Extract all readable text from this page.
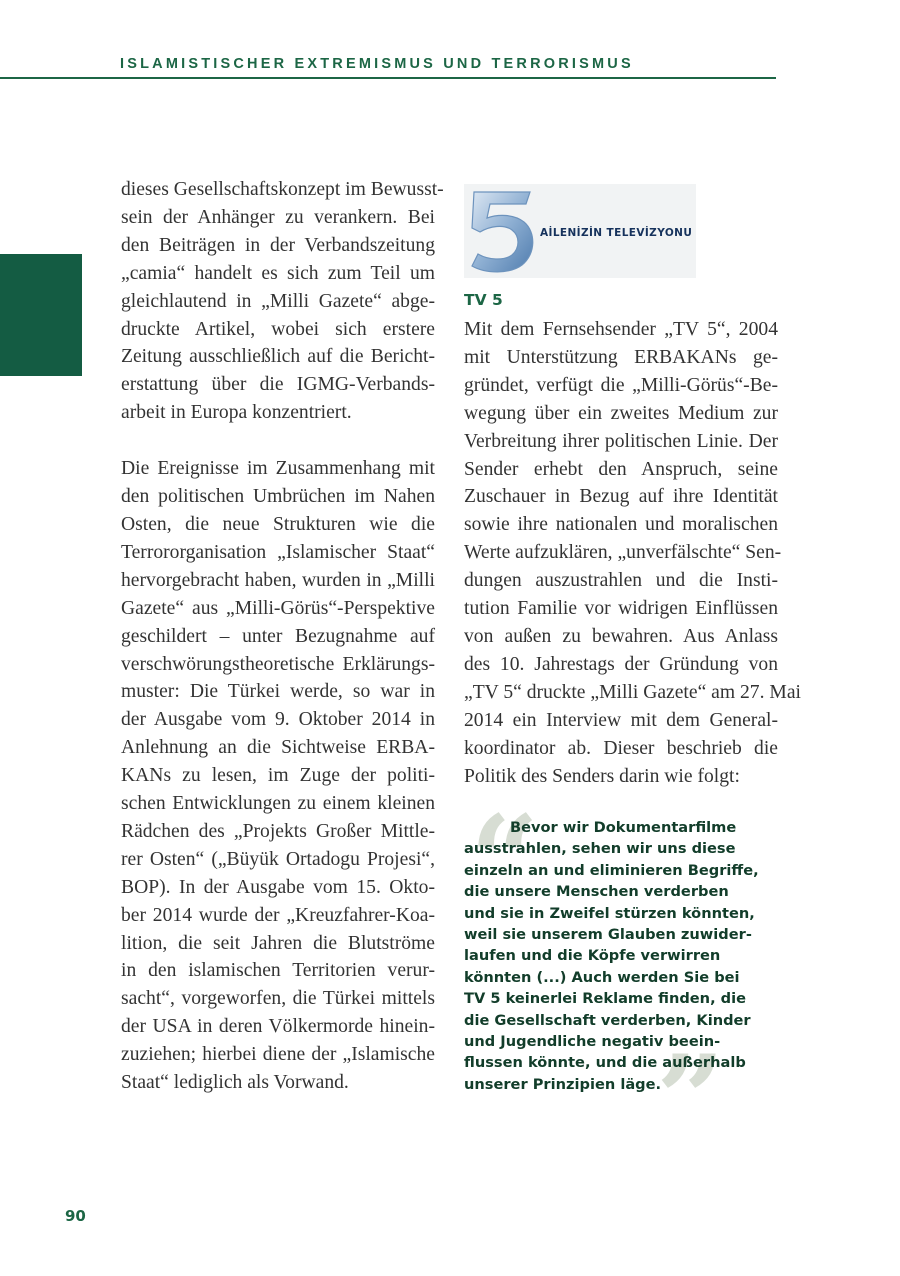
ISLAMISTISCHER EXTREMISMUS UND TERRORISMUS
dieses Gesellschaftskonzept im Bewusst-
sein der Anhänger zu verankern. Bei
den Beiträgen in der Verbandszeitung
„camia“ handelt es sich zum Teil um
gleichlautend in „Milli Gazete“ abge-
druckte Artikel, wobei sich erstere
Zeitung ausschließlich auf die Bericht-
erstattung über die IGMG-Verbands-
arbeit in Europa konzentriert.
Die Ereignisse im Zusammenhang mit
den politischen Umbrüchen im Nahen
Osten, die neue Strukturen wie die
Terrororganisation „Islamischer Staat“
hervorgebracht haben, wurden in „Milli
Gazete“ aus „Milli-Görüs“-Perspektive
geschildert – unter Bezugnahme auf
verschwörungstheoretische Erklärungs-
muster: Die Türkei werde, so war in
der Ausgabe vom 9. Oktober 2014 in
Anlehnung an die Sichtweise ERBA-
KANs zu lesen, im Zuge der politi-
schen Entwicklungen zu einem kleinen
Rädchen des „Projekts Großer Mittle-
rer Osten“ („Büyük Ortadogu Projesi“,
BOP). In der Ausgabe vom 15. Okto-
ber 2014 wurde der „Kreuzfahrer-Koa-
lition, die seit Jahren die Blutströme
in den islamischen Territorien verur-
sacht“, vorgeworfen, die Türkei mittels
der USA in deren Völkermorde hinein-
zuziehen; hierbei diene der „Islamische
Staat“ lediglich als Vorwand.
AİLENİZİN TELEVİZYONU
TV 5
Mit dem Fernsehsender „TV 5“, 2004
mit Unterstützung ERBAKANs ge-
gründet, verfügt die „Milli-Görüs“-Be-
wegung über ein zweites Medium zur
Verbreitung ihrer politischen Linie. Der
Sender erhebt den Anspruch, seine
Zuschauer in Bezug auf ihre Identität
sowie ihre nationalen und moralischen
Werte aufzuklären, „unverfälschte“ Sen-
dungen auszustrahlen und die Insti-
tution Familie vor widrigen Einflüssen
von außen zu bewahren. Aus Anlass
des 10. Jahrestags der Gründung von
„TV 5“ druckte „Milli Gazete“ am 27. Mai
2014 ein Interview mit dem General-
koordinator ab. Dieser beschrieb die
Politik des Senders darin wie folgt:
“
”
Bevor wir Dokumentarfilme
ausstrahlen, sehen wir uns diese
einzeln an und eliminieren Begriffe,
die unsere Menschen verderben
und sie in Zweifel stürzen könnten,
weil sie unserem Glauben zuwider-
laufen und die Köpfe verwirren
könnten (...) Auch werden Sie bei
TV 5 keinerlei Reklame finden, die
die Gesellschaft verderben, Kinder
und Jugendliche negativ beein-
flussen könnte, und die außerhalb
unserer Prinzipien läge.
90
